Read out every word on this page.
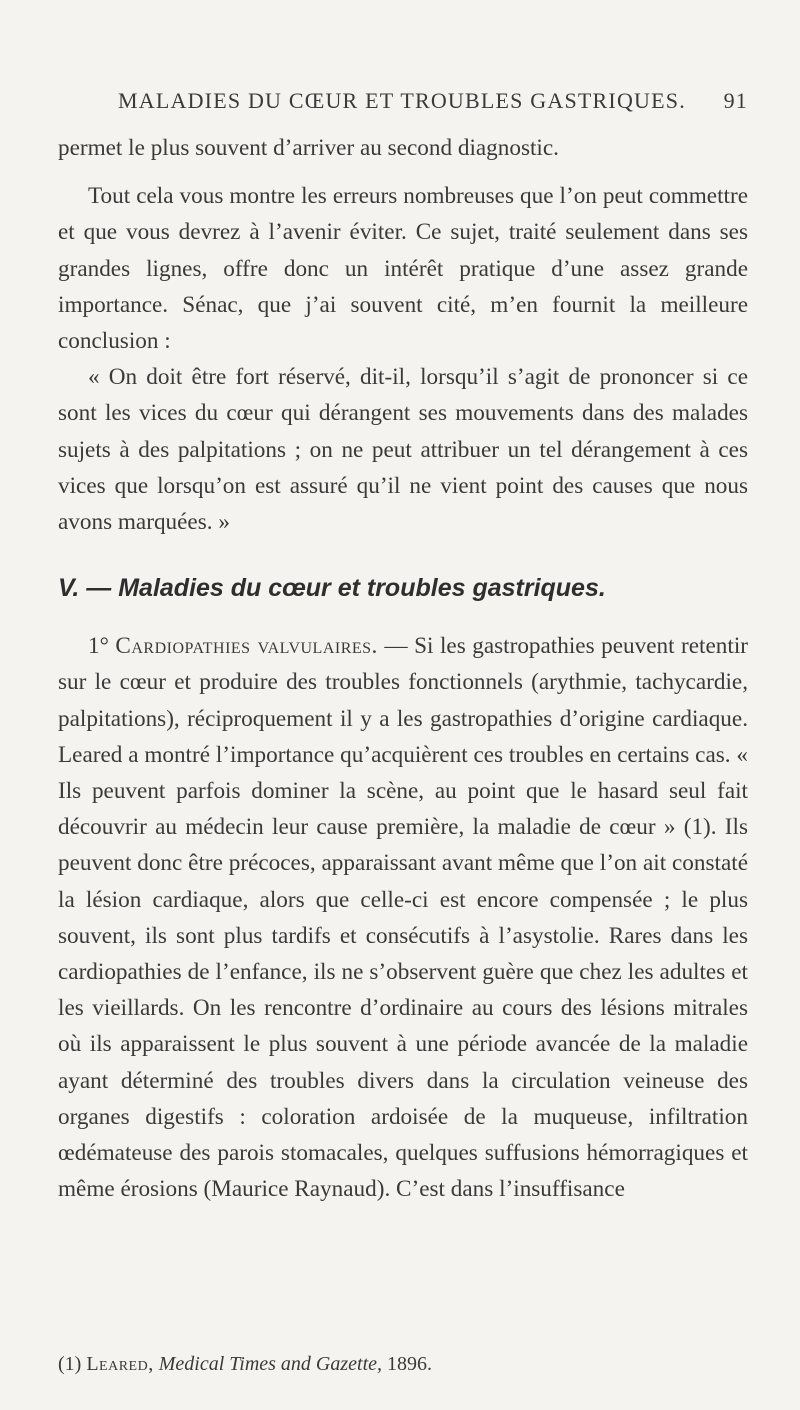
MALADIES DU CŒUR ET TROUBLES GASTRIQUES. 91

permet le plus souvent d’arriver au second diagnostic.

Tout cela vous montre les erreurs nombreuses que l’on peut commettre et que vous devrez à l’avenir éviter. Ce sujet, traité seulement dans ses grandes lignes, offre donc un intérêt pratique d’une assez grande importance. Sénac, que j’ai souvent cité, m’en fournit la meilleure conclusion :

« On doit être fort réservé, dit-il, lorsqu’il s’agit de prononcer si ce sont les vices du cœur qui dérangent ses mouvements dans des malades sujets à des palpitations ; on ne peut attribuer un tel dérangement à ces vices que lorsqu’on est assuré qu’il ne vient point des causes que nous avons marquées. »

V. — Maladies du cœur et troubles gastriques.

1° Cardiopathies valvulaires. — Si les gastropathies peuvent retentir sur le cœur et produire des troubles fonctionnels (arythmie, tachycardie, palpitations), réciproquement il y a les gastropathies d’origine cardiaque. Leared a montré l’importance qu’acquièrent ces troubles en certains cas. « Ils peuvent parfois dominer la scène, au point que le hasard seul fait découvrir au médecin leur cause première, la maladie de cœur » (1). Ils peuvent donc être précoces, apparaissant avant même que l’on ait constaté la lésion cardiaque, alors que celle-ci est encore compensée ; le plus souvent, ils sont plus tardifs et consécutifs à l’asystolie. Rares dans les cardiopathies de l’enfance, ils ne s’observent guère que chez les adultes et les vieillards. On les rencontre d’ordinaire au cours des lésions mitrales où ils apparaissent le plus souvent à une période avancée de la maladie ayant déterminé des troubles divers dans la circulation veineuse des organes digestifs : coloration ardoisée de la muqueuse, infiltration œdémateuse des parois stomacales, quelques suffusions hémorragiques et même érosions (Maurice Raynaud). C’est dans l’insuffisance

(1) Leared, Medical Times and Gazette, 1896.
